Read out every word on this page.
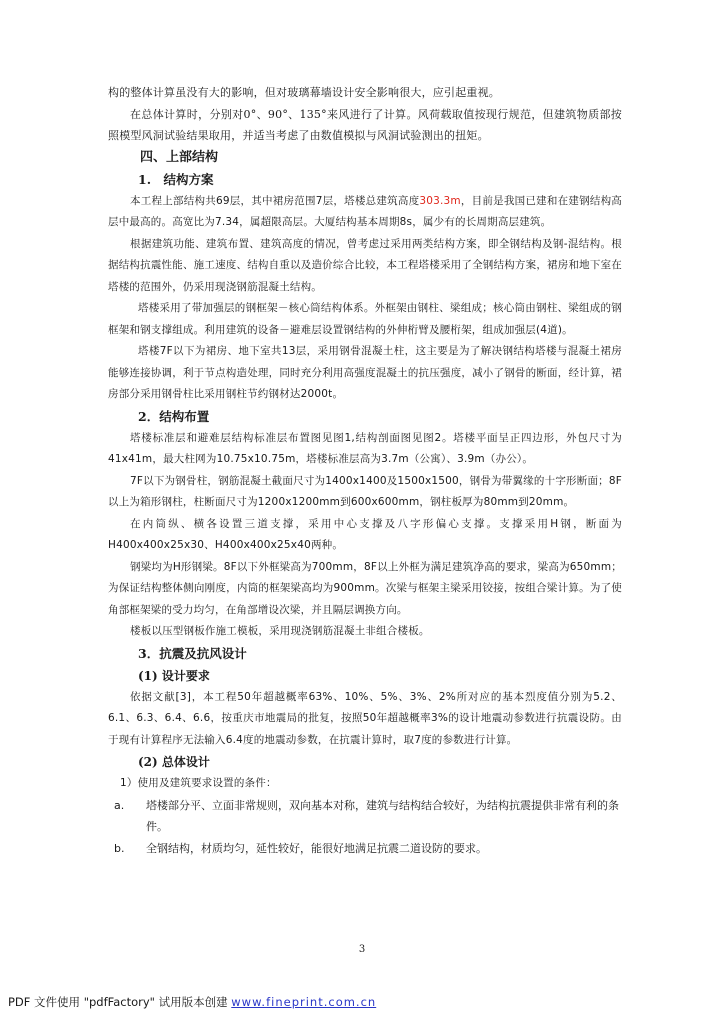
构的整体计算虽没有大的影响，但对玻璃幕墙设计安全影响很大，应引起重视。

在总体计算时，分别对0°、90°、135°来风进行了计算。风荷载取值按现行规范，但建筑物质部按照模型风洞试验结果取用，并适当考虑了由数值模拟与风洞试验测出的扭矩。

四、上部结构

1.　结构方案

本工程上部结构共69层，其中裙房范围7层，塔楼总建筑高度303.3m，目前是我国已建和在建钢结构高层中最高的。高宽比为7.34，属超限高层。大厦结构基本周期8s，属少有的长周期高层建筑。

根据建筑功能、建筑布置、建筑高度的情况，曾考虑过采用两类结构方案，即全钢结构及钢-混结构。根据结构抗震性能、施工速度、结构自重以及造价综合比较，本工程塔楼采用了全钢结构方案，裙房和地下室在塔楼的范围外，仍采用现浇钢筋混凝土结构。

塔楼采用了带加强层的钢框架－核心筒结构体系。外框架由钢柱、梁组成；核心筒由钢柱、梁组成的钢框架和钢支撑组成。利用建筑的设备－避难层设置钢结构的外伸桁臂及腰桁架，组成加强层(4道)。

塔楼7F以下为裙房、地下室共13层，采用钢骨混凝土柱，这主要是为了解决钢结构塔楼与混凝土裙房能够连接协调，利于节点构造处理，同时充分利用高强度混凝土的抗压强度，减小了钢骨的断面，经计算，裙房部分采用钢骨柱比采用钢柱节约钢材达2000t。

2．结构布置

塔楼标准层和避难层结构标准层布置图见图1,结构剖面图见图2。塔楼平面呈正四边形，外包尺寸为41x41m，最大柱网为10.75x10.75m，塔楼标准层高为3.7m（公寓）、3.9m（办公）。

7F以下为钢骨柱，钢筋混凝土截面尺寸为1400x1400及1500x1500，钢骨为带翼缘的十字形断面；8F以上为箱形钢柱，柱断面尺寸为1200x1200mm到600x600mm，钢柱板厚为80mm到20mm。

在内筒纵、横各设置三道支撑，采用中心支撑及八字形偏心支撑。支撑采用H钢，断面为H400x400x25x30、H400x400x25x40两种。

钢梁均为H形钢梁。8F以下外框梁高为700mm，8F以上外框为满足建筑净高的要求，梁高为650mm；为保证结构整体侧向刚度，内筒的框架梁高均为900mm。次梁与框架主梁采用铰接，按组合梁计算。为了使角部框架梁的受力均匀，在角部增设次梁，并且隔层调换方向。

楼板以压型钢板作施工模板，采用现浇钢筋混凝土非组合楼板。

3．抗震及抗风设计

(1) 设计要求

依据文献[3]，本工程50年超越概率63%、10%、5%、3%、2%所对应的基本烈度值分别为5.2、6.1、6.3、6.4、6.6，按重庆市地震局的批复，按照50年超越概率3%的设计地震动参数进行抗震设防。由于现有计算程序无法输入6.4度的地震动参数，在抗震计算时，取7度的参数进行计算。

(2) 总体设计

1）使用及建筑要求设置的条件：

a.	塔楼部分平、立面非常规则，双向基本对称，建筑与结构结合较好，为结构抗震提供非常有利的条件。
b.	全钢结构，材质均匀，延性较好，能很好地满足抗震二道设防的要求。
3
PDF 文件使用 "pdfFactory" 试用版本创建 www.fineprint.com.cn
